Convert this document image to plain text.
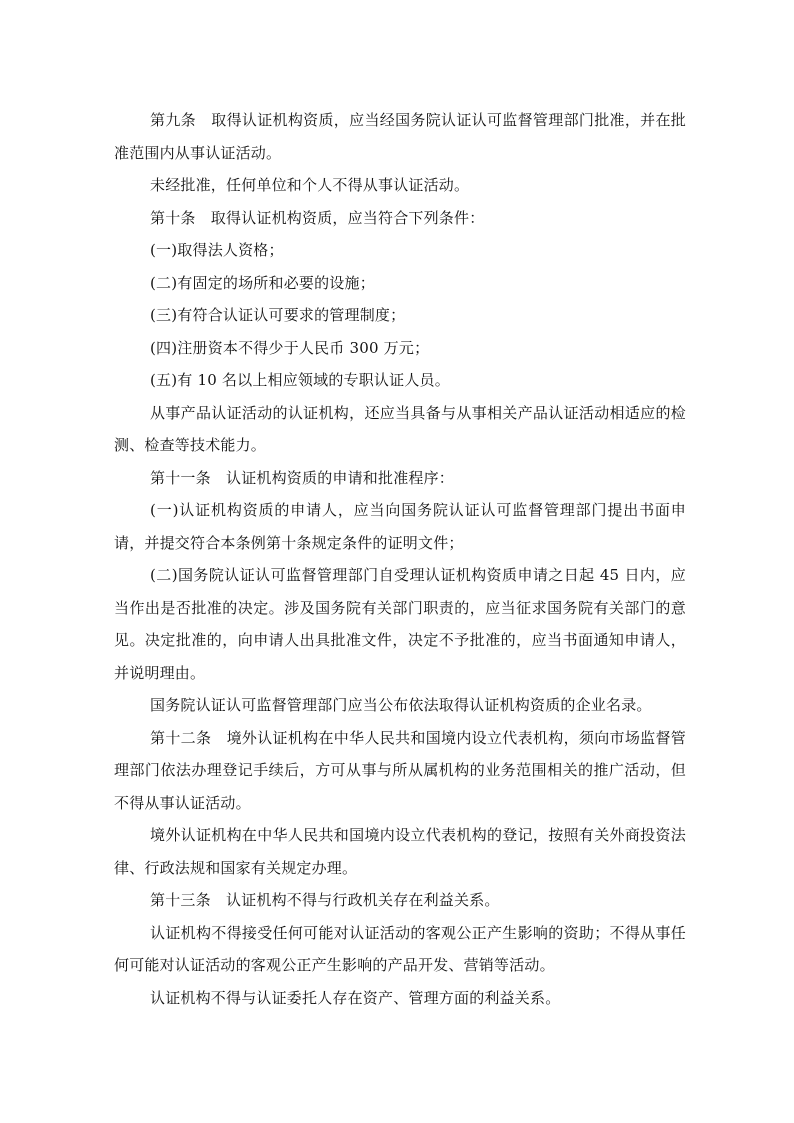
第九条　取得认证机构资质，应当经国务院认证认可监督管理部门批准，并在批准范围内从事认证活动。

未经批准，任何单位和个人不得从事认证活动。

第十条　取得认证机构资质，应当符合下列条件：

(一)取得法人资格；

(二)有固定的场所和必要的设施；

(三)有符合认证认可要求的管理制度；

(四)注册资本不得少于人民币 300 万元；

(五)有 10 名以上相应领域的专职认证人员。

从事产品认证活动的认证机构，还应当具备与从事相关产品认证活动相适应的检测、检查等技术能力。

第十一条　认证机构资质的申请和批准程序：

(一)认证机构资质的申请人，应当向国务院认证认可监督管理部门提出书面申请，并提交符合本条例第十条规定条件的证明文件；

(二)国务院认证认可监督管理部门自受理认证机构资质申请之日起 45 日内，应当作出是否批准的决定。涉及国务院有关部门职责的，应当征求国务院有关部门的意见。决定批准的，向申请人出具批准文件，决定不予批准的，应当书面通知申请人，并说明理由。

国务院认证认可监督管理部门应当公布依法取得认证机构资质的企业名录。

第十二条　境外认证机构在中华人民共和国境内设立代表机构，须向市场监督管理部门依法办理登记手续后，方可从事与所从属机构的业务范围相关的推广活动，但不得从事认证活动。

境外认证机构在中华人民共和国境内设立代表机构的登记，按照有关外商投资法律、行政法规和国家有关规定办理。

第十三条　认证机构不得与行政机关存在利益关系。

认证机构不得接受任何可能对认证活动的客观公正产生影响的资助；不得从事任何可能对认证活动的客观公正产生影响的产品开发、营销等活动。

认证机构不得与认证委托人存在资产、管理方面的利益关系。
